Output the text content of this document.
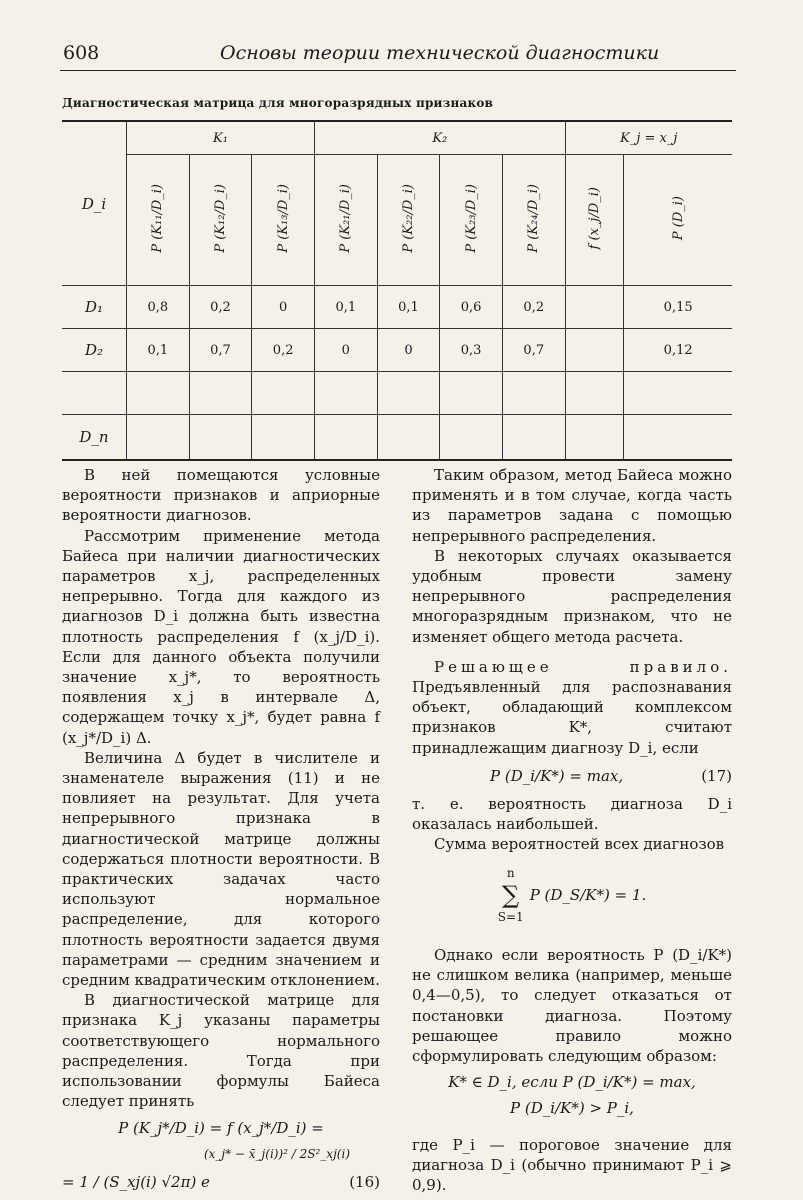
608	Основы теории технической диагностики
Диагностическая матрица для многоразрядных признаков
D_i	K₁			K₂				K_j = x_j	
	P (K₁₁/D_i)	P (K₁₂/D_i)	P (K₁₃/D_i)	P (K₂₁/D_i)	P (K₂₂/D_i)	P (K₂₃/D_i)	P (K₂₄/D_i)	f (x_j/D_i)	P (D_i)
D₁	0,8	0,2	0	0,1	0,1	0,6	0,2		0,15
D₂	0,1	0,7	0,2	0	0	0,3	0,7		0,12

D_n									

В ней помещаются условные вероятности признаков и априорные вероятности диагнозов.

Рассмотрим применение метода Байеса при наличии диагностических параметров x_j, распределенных непрерывно. Тогда для каждого из диагнозов D_i должна быть известна плотность распределения f (x_j/D_i). Если для данного объекта получили значение x_j*, то вероятность появления x_j в интервале Δ, содержащем точку x_j*, будет равна f (x_j*/D_i) Δ.

Величина Δ будет в числителе и знаменателе выражения (11) и не повлияет на результат. Для учета непрерывного признака в диагностической матрице должны содержаться плотности вероятности. В практических задачах часто используют нормальное распределение, для которого плотность вероятности задается двумя параметрами — средним значением и средним квадратическим отклонением.

В диагностической матрице для признака K_j указаны параметры соответствующего нормального распределения. Тогда при использовании формулы Байеса следует принять

P (K_j*/D_i) = f (x_j*/D_i) =

(x_j* − x̄_j(i))² / 2S²_xj(i)

= 1 / (S_xj(i) √2π) e	(16)

Таким образом, метод Байеса можно применять и в том случае, когда часть из параметров задана с помощью непрерывного распределения.

В некоторых случаях оказывается удобным провести замену непрерывного распределения многоразрядным признаком, что не изменяет общего метода расчета.

Решающее правило. Предъявленный для распознавания объект, обладающий комплексом признаков K*, считают принадлежащим диагнозу D_i, если

P (D_i/K*) = max,	(17)

т. е. вероятность диагноза D_i оказалась наибольшей.

Сумма вероятностей всех диагнозов

n
∑
S=1
P (D_S/K*) = 1.

Однако если вероятность P (D_i/K*) не слишком велика (например, меньше 0,4—0,5), то следует отказаться от постановки диагноза. Поэтому решающее правило можно сформулировать следующим образом:

K* ∈ D_i, если P (D_i/K*) = max,

P (D_i/K*) > P_i,

где P_i — пороговое значение для диагноза D_i (обычно принимают P_i ⩾ 0,9).
